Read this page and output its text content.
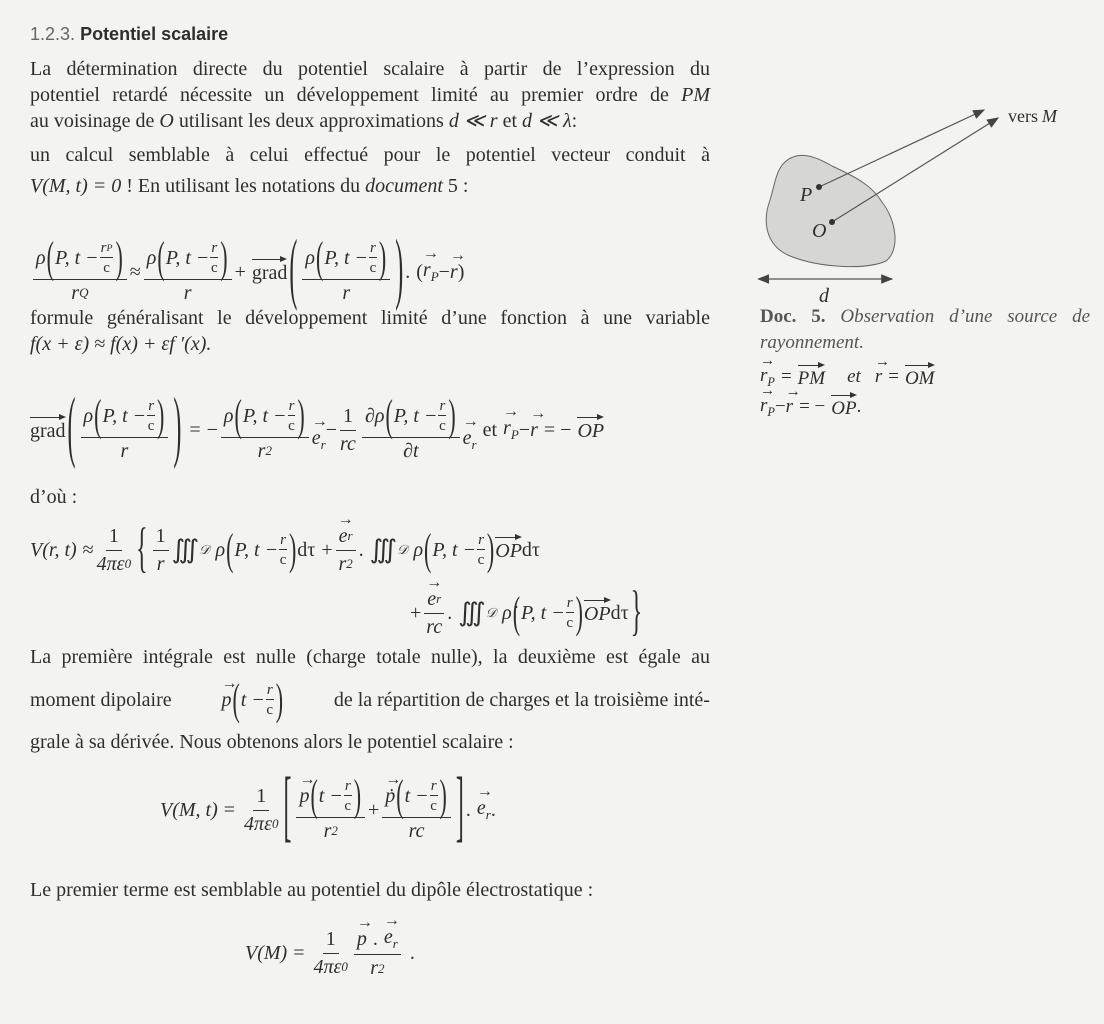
1.2.3. Potentiel scalaire
La détermination directe du potentiel scalaire à partir de l’expression du
potentiel retardé nécessite un développement limité au premier ordre de PM
au voisinage de O utilisant les deux approximations d ≪ r et d ≪ λ:
un calcul semblable à celui effectué pour le potentiel vecteur conduit à
V(M, t) = 0 ! En utilisant les notations du document 5 :
$\frac{\rho ( P, t - \frac{\text{r P}}{c} )}{\text{r Q}} \approx \frac{\rho ( P, t - \frac{r}{c} )}{r}$ + grad ( $\frac{\rho ( P, t - \frac{r}{c} )}{r}$ ) . ( → $r_P$ − → r )
formule généralisant le développement limité d’une fonction à une variable
f(x + ε) ≈ f(x) + εf ′(x).
grad ( $\frac{\rho ( P, t - \frac{r}{c} )}{r}$ ) = − $\frac{\rho ( P, t - \frac{r}{c} )}{r 2} \to e_r$
− $\frac{1}{rc} \frac{\partial\rho ( P, t - \frac{r}{c} )}{\partial t} \to e_r$
et → $r_P$ − → r = − OP
d’où :
V(r, $t) \approx \frac{1}{4\pi\varepsilon 0}$ { $\frac{1}{r}$ ∭ 𝒟 ρ ( P, $t - \frac{r}{c}$ ) dτ + → $\frac{\text{e r}}{r 2}$ . ∭ 𝒟 ρ ( P, $t - \frac{r}{c}$ ) OP dτ
+ → $\frac{\text{e r}}{rc}$ . ∭ 𝒟 ρ̇ ( P, $t - \frac{r}{c}$ ) OP dτ }
La première intégrale est nulle (charge totale nulle), la deuxième est égale au
moment dipolaire → p ( $t - \frac{r}{c}$ )	de la répartition de charges et la troisième inté-
grale à sa dérivée. Nous obtenons alors le potentiel scalaire :
V(M, $t) = \frac{1}{4\pi\varepsilon 0}$ [ → $\frac{p ( t - \frac{r}{c} )}{r 2}$ + → $\frac{ṗ ( t - \frac{r}{c} )}{rc}$ ] . → $e_r$ .
Le premier terme est semblable au potentiel du dipôle électrostatique :
$V(M) = \frac{1}{4\pi\varepsilon 0} \to \frac{p . \to e_r}{r 2}$ .
vers M
P
O
d
Doc. 5. Observation d’une source de
rayonnement.
→ $r_P$ = PM et → r = OM
→ $r_P$ − → r = − OP .
